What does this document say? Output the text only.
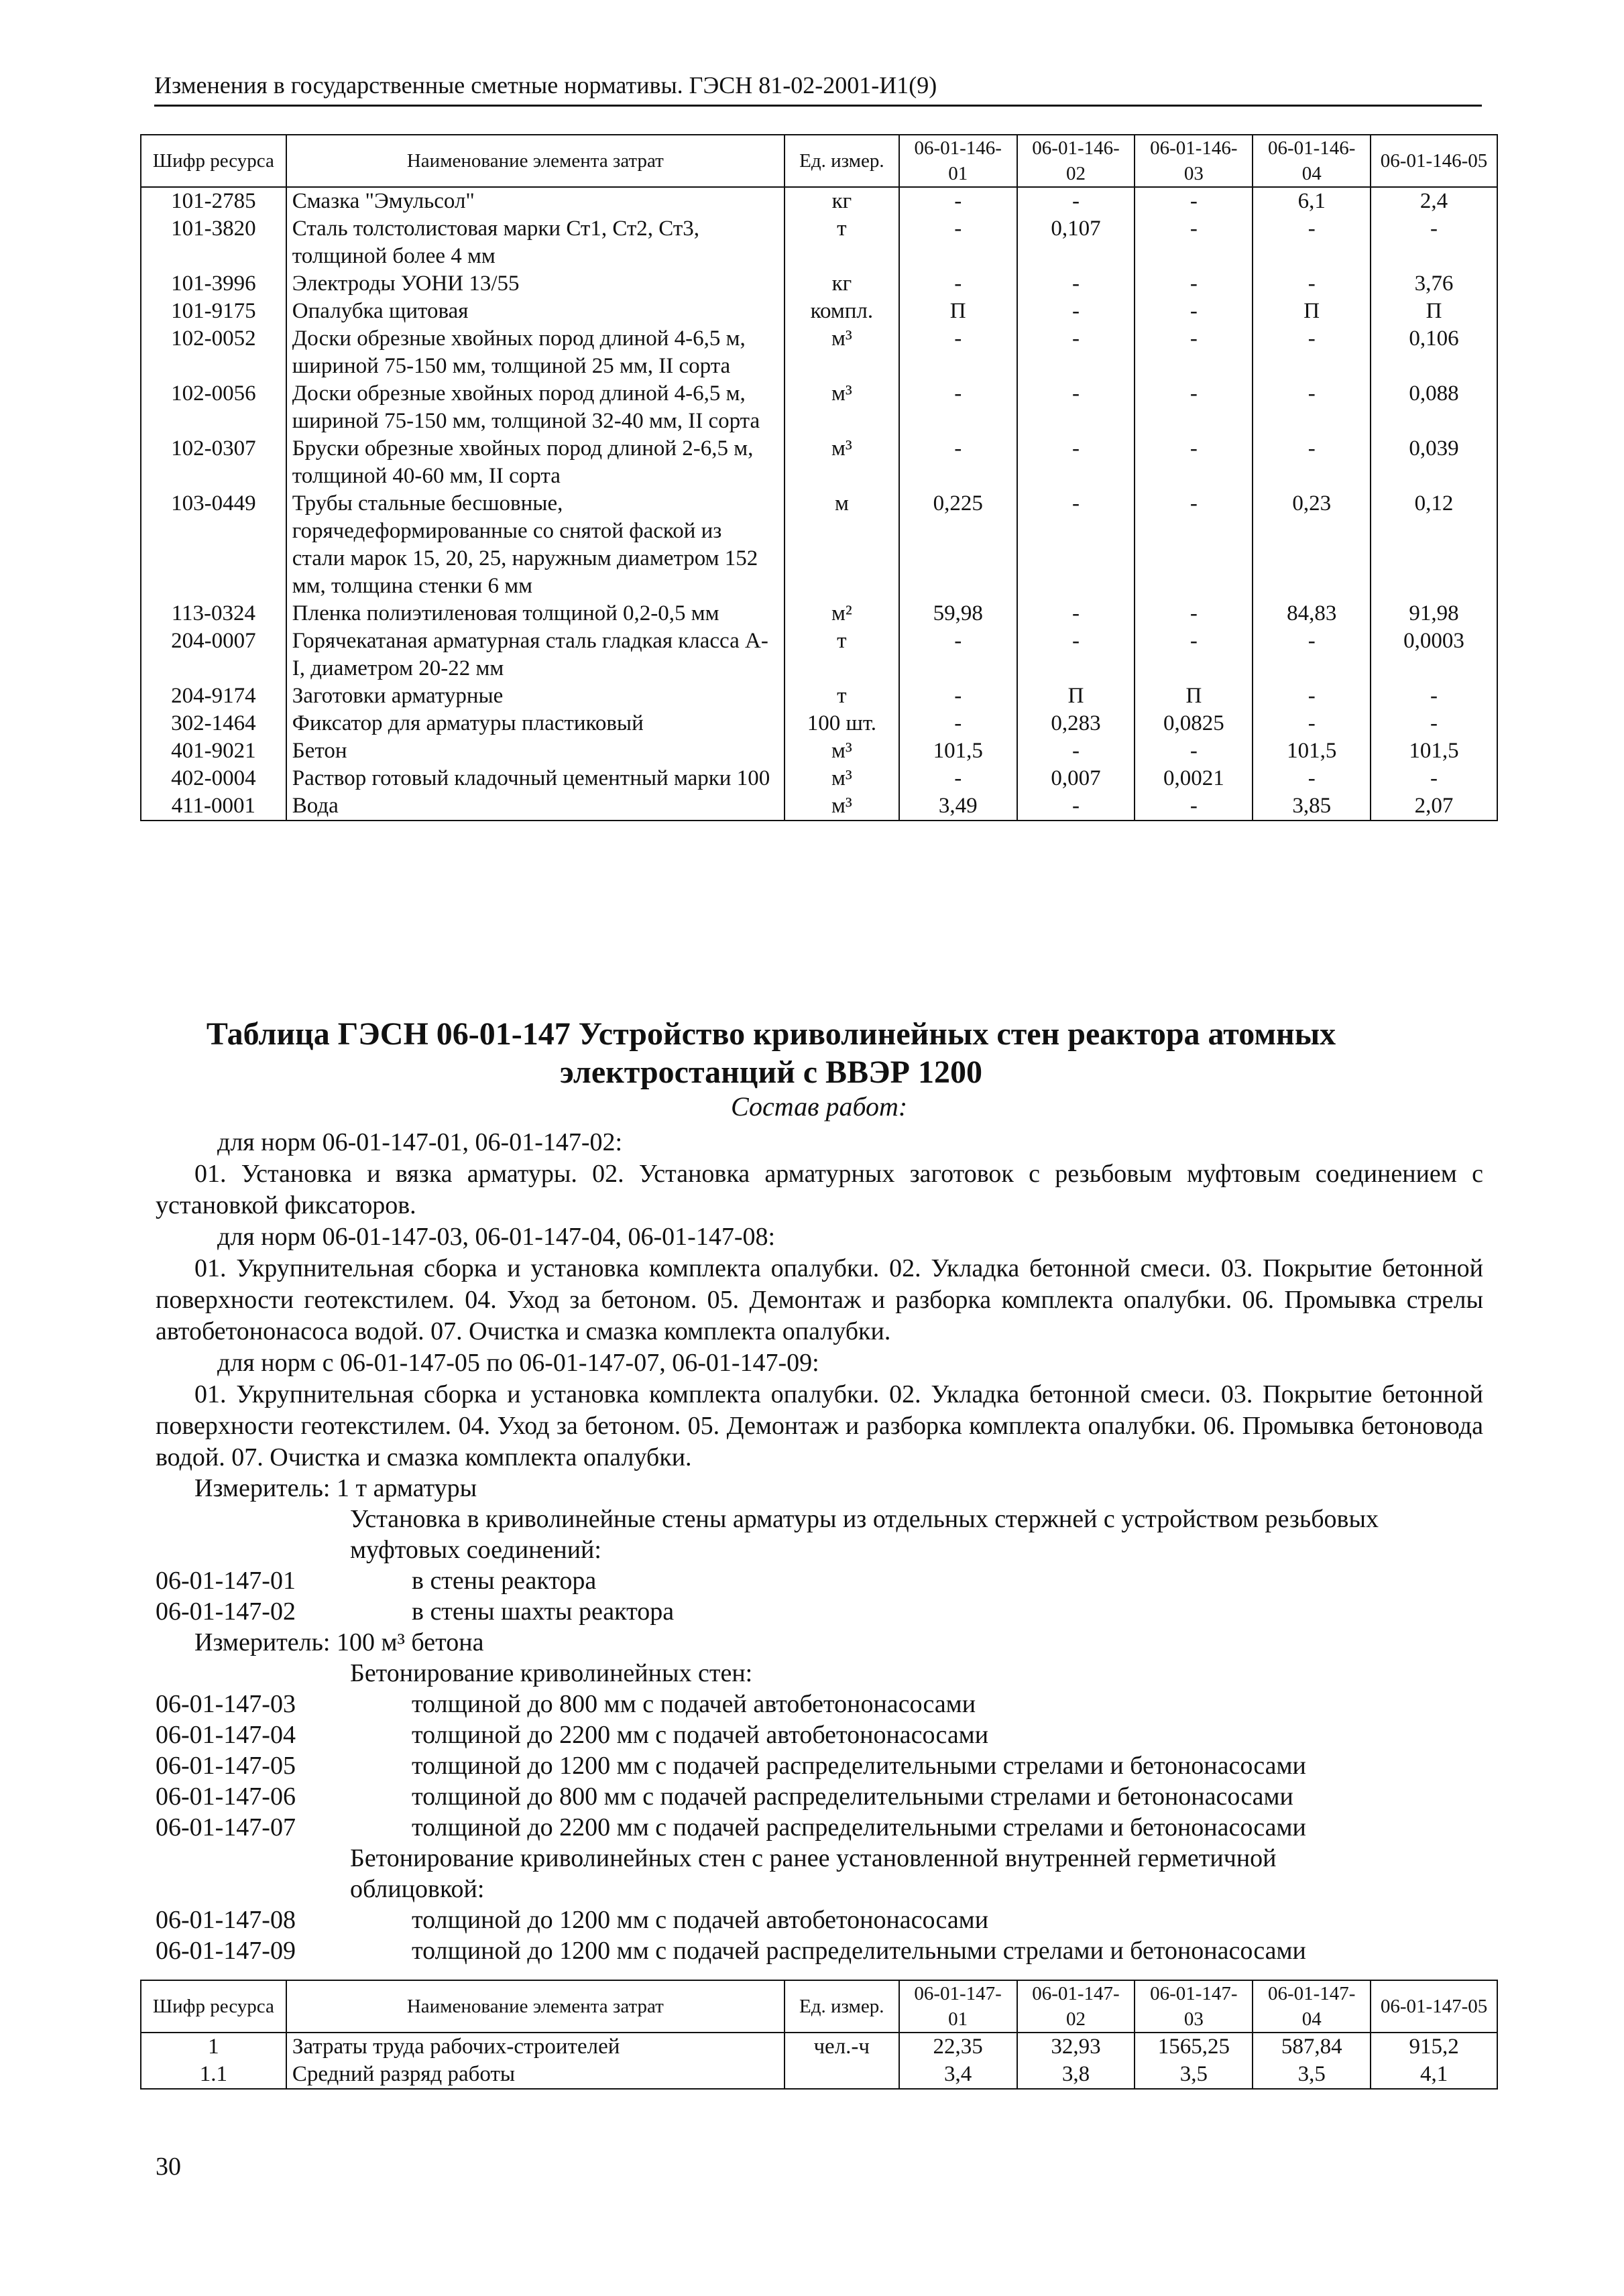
Изменения в государственные сметные нормативы. ГЭСН 81-02-2001-И1(9)
Шифр ресурса	Наименование элемента затрат	Ед. измер.	06-01-146-01	06-01-146-02	06-01-146-03	06-01-146-04	06-01-146-05
101-2785	Смазка "Эмульсол"	кг	-	-	-	6,1	2,4
101-3820	Сталь толстолистовая марки Ст1, Ст2, Ст3, толщиной более 4 мм	т	-	0,107	-	-	-
101-3996	Электроды УОНИ 13/55	кг	-	-	-	-	3,76
101-9175	Опалубка щитовая	компл.	П	-	-	П	П
102-0052	Доски обрезные хвойных пород длиной 4-6,5 м, шириной 75-150 мм, толщиной 25 мм, II сорта	м³	-	-	-	-	0,106
102-0056	Доски обрезные хвойных пород длиной 4-6,5 м, шириной 75-150 мм, толщиной 32-40 мм, II сорта	м³	-	-	-	-	0,088
102-0307	Бруски обрезные хвойных пород длиной 2-6,5 м, толщиной 40-60 мм, II сорта	м³	-	-	-	-	0,039
103-0449	Трубы стальные бесшовные, горячедеформированные со снятой фаской из стали марок 15, 20, 25, наружным диаметром 152 мм, толщина стенки 6 мм	м	0,225	-	-	0,23	0,12
113-0324	Пленка полиэтиленовая толщиной 0,2-0,5 мм	м²	59,98	-	-	84,83	91,98
204-0007	Горячекатаная арматурная сталь гладкая класса А-I, диаметром 20-22 мм	т	-	-	-	-	0,0003
204-9174	Заготовки арматурные	т	-	П	П	-	-
302-1464	Фиксатор для арматуры пластиковый	100 шт.	-	0,283	0,0825	-	-
401-9021	Бетон	м³	101,5	-	-	101,5	101,5
402-0004	Раствор готовый кладочный цементный марки 100	м³	-	0,007	0,0021	-	-
411-0001	Вода	м³	3,49	-	-	3,85	2,07
Таблица ГЭСН 06-01-147 Устройство криволинейных стен реактора атомных
электростанций с ВВЭР 1200
Состав работ:

для норм 06-01-147-01, 06-01-147-02:

01. Установка и вязка арматуры. 02. Установка арматурных заготовок с резьбовым муфтовым соединением с установкой фиксаторов.

для норм 06-01-147-03, 06-01-147-04, 06-01-147-08:

01. Укрупнительная сборка и установка комплекта опалубки. 02. Укладка бетонной смеси. 03. Покрытие бетонной поверхности геотекстилем. 04. Уход за бетоном. 05. Демонтаж и разборка комплекта опалубки. 06. Промывка стрелы автобетононасоса водой. 07. Очистка и смазка комплекта опалубки.

для норм с 06-01-147-05 по 06-01-147-07, 06-01-147-09:

01. Укрупнительная сборка и установка комплекта опалубки. 02. Укладка бетонной смеси. 03. Покрытие бетонной поверхности геотекстилем. 04. Уход за бетоном. 05. Демонтаж и разборка комплекта опалубки. 06. Промывка бетоновода водой. 07. Очистка и смазка комплекта опалубки.

Измеритель: 1 т арматуры
Установка в криволинейные стены арматуры из отдельных стержней с устройством резьбовых
муфтовых соединений:
06-01-147-01	в стены реактора
06-01-147-02	в стены шахты реактора
Измеритель: 100 м³ бетона
Бетонирование криволинейных стен:
06-01-147-03	толщиной до 800 мм с подачей автобетононасосами
06-01-147-04	толщиной до 2200 мм с подачей автобетононасосами
06-01-147-05	толщиной до 1200 мм с подачей распределительными стрелами и бетононасосами
06-01-147-06	толщиной до 800 мм с подачей распределительными стрелами и бетононасосами
06-01-147-07	толщиной до 2200 мм с подачей распределительными стрелами и бетононасосами
Бетонирование криволинейных стен с ранее установленной внутренней герметичной
облицовкой:
06-01-147-08	толщиной до 1200 мм с подачей автобетононасосами
06-01-147-09	толщиной до 1200 мм с подачей распределительными стрелами и бетононасосами
Шифр ресурса	Наименование элемента затрат	Ед. измер.	06-01-147-01	06-01-147-02	06-01-147-03	06-01-147-04	06-01-147-05
1	Затраты труда рабочих-строителей	чел.-ч	22,35	32,93	1565,25	587,84	915,2
1.1	Средний разряд работы		3,4	3,8	3,5	3,5	4,1
30
